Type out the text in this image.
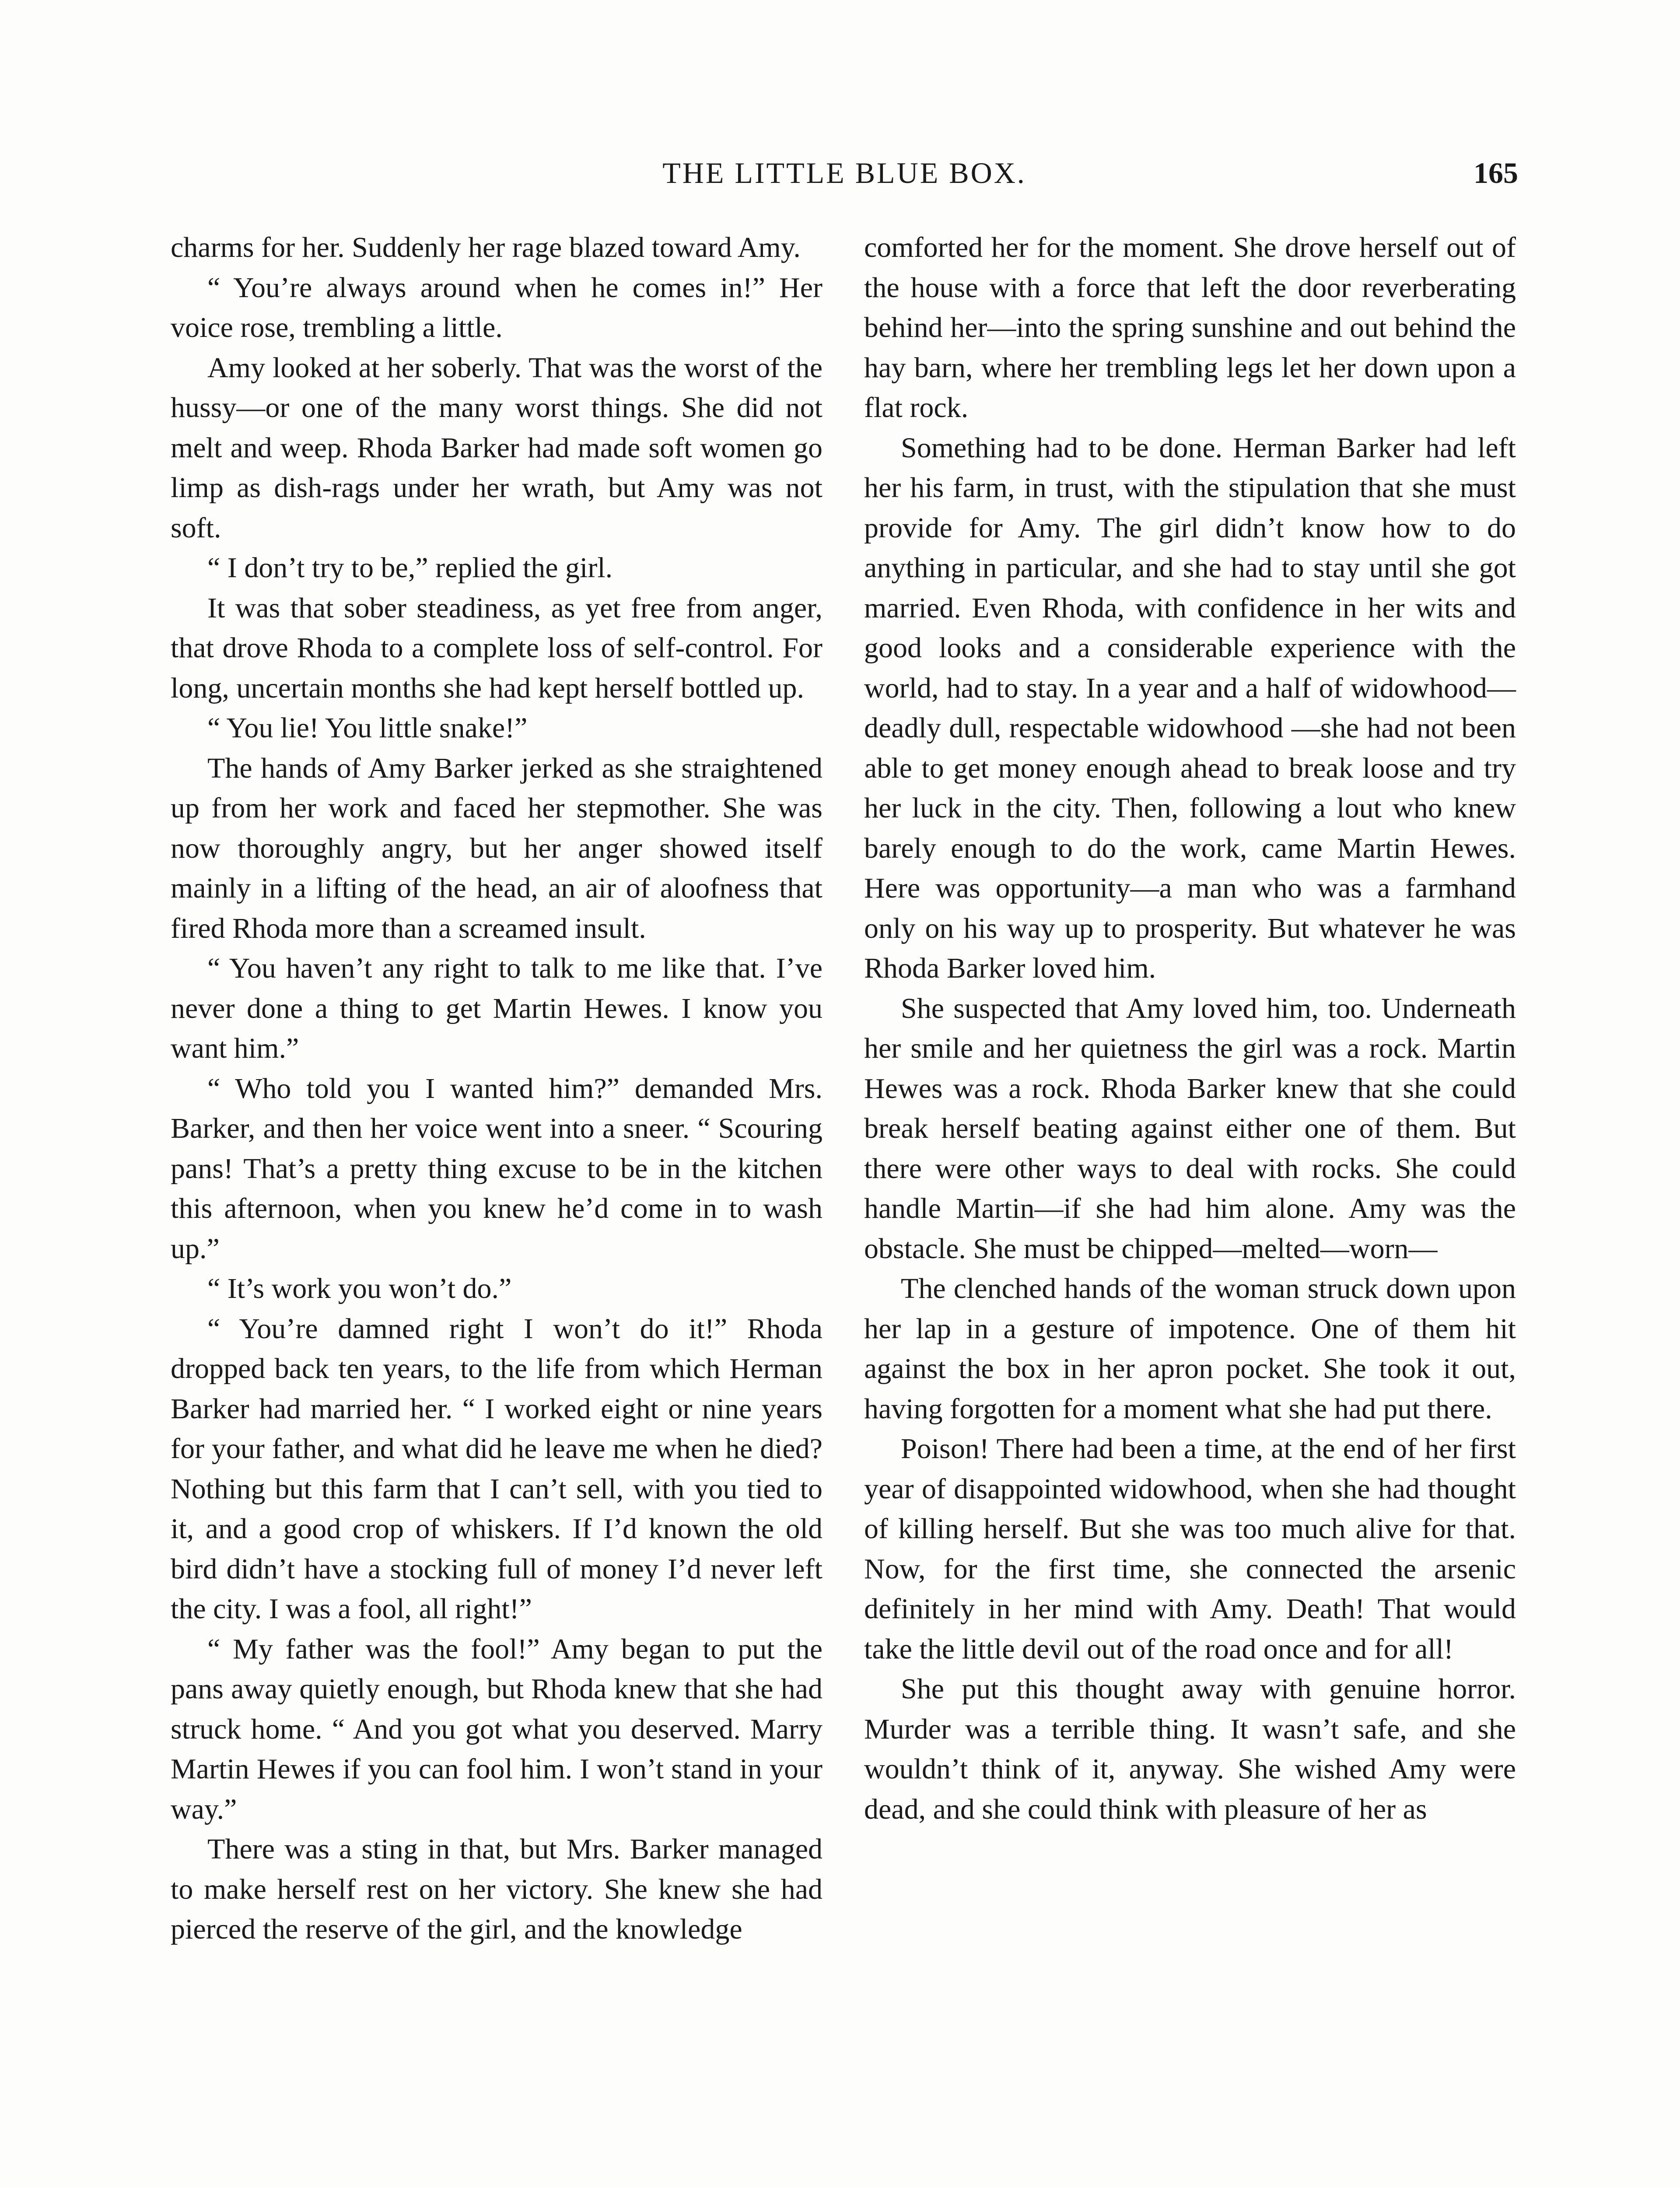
THE LITTLE BLUE BOX.	165

charms for her. Suddenly her rage blazed toward Amy.

“ You’re always around when he comes in!” Her voice rose, trembling a little.

Amy looked at her soberly. That was the worst of the hussy—or one of the many worst things. She did not melt and weep. Rhoda Barker had made soft women go limp as dish-rags under her wrath, but Amy was not soft.

“ I don’t try to be,” replied the girl.

It was that sober steadiness, as yet free from anger, that drove Rhoda to a complete loss of self-control. For long, uncertain months she had kept herself bottled up.

“ You lie! You little snake!”

The hands of Amy Barker jerked as she straightened up from her work and faced her stepmother. She was now thoroughly angry, but her anger showed itself mainly in a lifting of the head, an air of aloofness that fired Rhoda more than a screamed insult.

“ You haven’t any right to talk to me like that. I’ve never done a thing to get Martin Hewes. I know you want him.”

“ Who told you I wanted him?” demanded Mrs. Barker, and then her voice went into a sneer. “ Scouring pans! That’s a pretty thing excuse to be in the kitchen this afternoon, when you knew he’d come in to wash up.”

“ It’s work you won’t do.”

“ You’re damned right I won’t do it!” Rhoda dropped back ten years, to the life from which Herman Barker had married her. “ I worked eight or nine years for your father, and what did he leave me when he died? Nothing but this farm that I can’t sell, with you tied to it, and a good crop of whiskers. If I’d known the old bird didn’t have a stocking full of money I’d never left the city. I was a fool, all right!”

“ My father was the fool!” Amy began to put the pans away quietly enough, but Rhoda knew that she had struck home. “ And you got what you deserved. Marry Martin Hewes if you can fool him. I won’t stand in your way.”

There was a sting in that, but Mrs. Barker managed to make herself rest on her victory. She knew she had pierced the reserve of the girl, and the knowledge

comforted her for the moment. She drove herself out of the house with a force that left the door reverberating behind her—into the spring sunshine and out behind the hay barn, where her trembling legs let her down upon a flat rock.

Something had to be done. Herman Barker had left her his farm, in trust, with the stipulation that she must provide for Amy. The girl didn’t know how to do anything in particular, and she had to stay until she got married. Even Rhoda, with confidence in her wits and good looks and a considerable experience with the world, had to stay. In a year and a half of widowhood—deadly dull, respectable widowhood —she had not been able to get money enough ahead to break loose and try her luck in the city. Then, following a lout who knew barely enough to do the work, came Martin Hewes. Here was opportunity—a man who was a farmhand only on his way up to prosperity. But whatever he was Rhoda Barker loved him.

She suspected that Amy loved him, too. Underneath her smile and her quietness the girl was a rock. Martin Hewes was a rock. Rhoda Barker knew that she could break herself beating against either one of them. But there were other ways to deal with rocks. She could handle Martin—if she had him alone. Amy was the obstacle. She must be chipped—melted—worn—

The clenched hands of the woman struck down upon her lap in a gesture of impotence. One of them hit against the box in her apron pocket. She took it out, having forgotten for a moment what she had put there.

Poison! There had been a time, at the end of her first year of disappointed widowhood, when she had thought of killing herself. But she was too much alive for that. Now, for the first time, she connected the arsenic definitely in her mind with Amy. Death! That would take the little devil out of the road once and for all!

She put this thought away with genuine horror. Murder was a terrible thing. It wasn’t safe, and she wouldn’t think of it, anyway. She wished Amy were dead, and she could think with pleasure of her as
